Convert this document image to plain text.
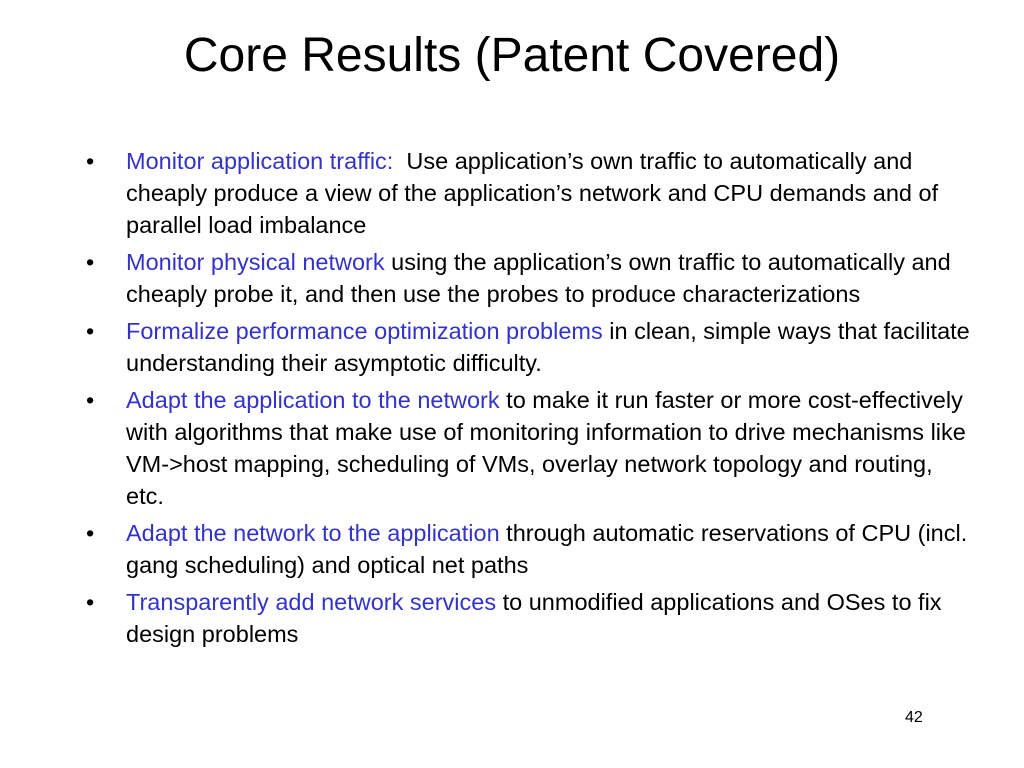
Core Results (Patent Covered)
• Monitor application traffic: Use application’s own traffic to automatically and cheaply produce a view of the application’s network and CPU demands and of parallel load imbalance
• Monitor physical network using the application’s own traffic to automatically and cheaply probe it, and then use the probes to produce characterizations
• Formalize performance optimization problems in clean, simple ways that facilitate understanding their asymptotic difficulty.
• Adapt the application to the network to make it run faster or more cost-effectively with algorithms that make use of monitoring information to drive mechanisms like VM->host mapping, scheduling of VMs, overlay network topology and routing, etc.
• Adapt the network to the application through automatic reservations of CPU (incl. gang scheduling) and optical net paths
• Transparently add network services to unmodified applications and OSes to fix design problems
42
